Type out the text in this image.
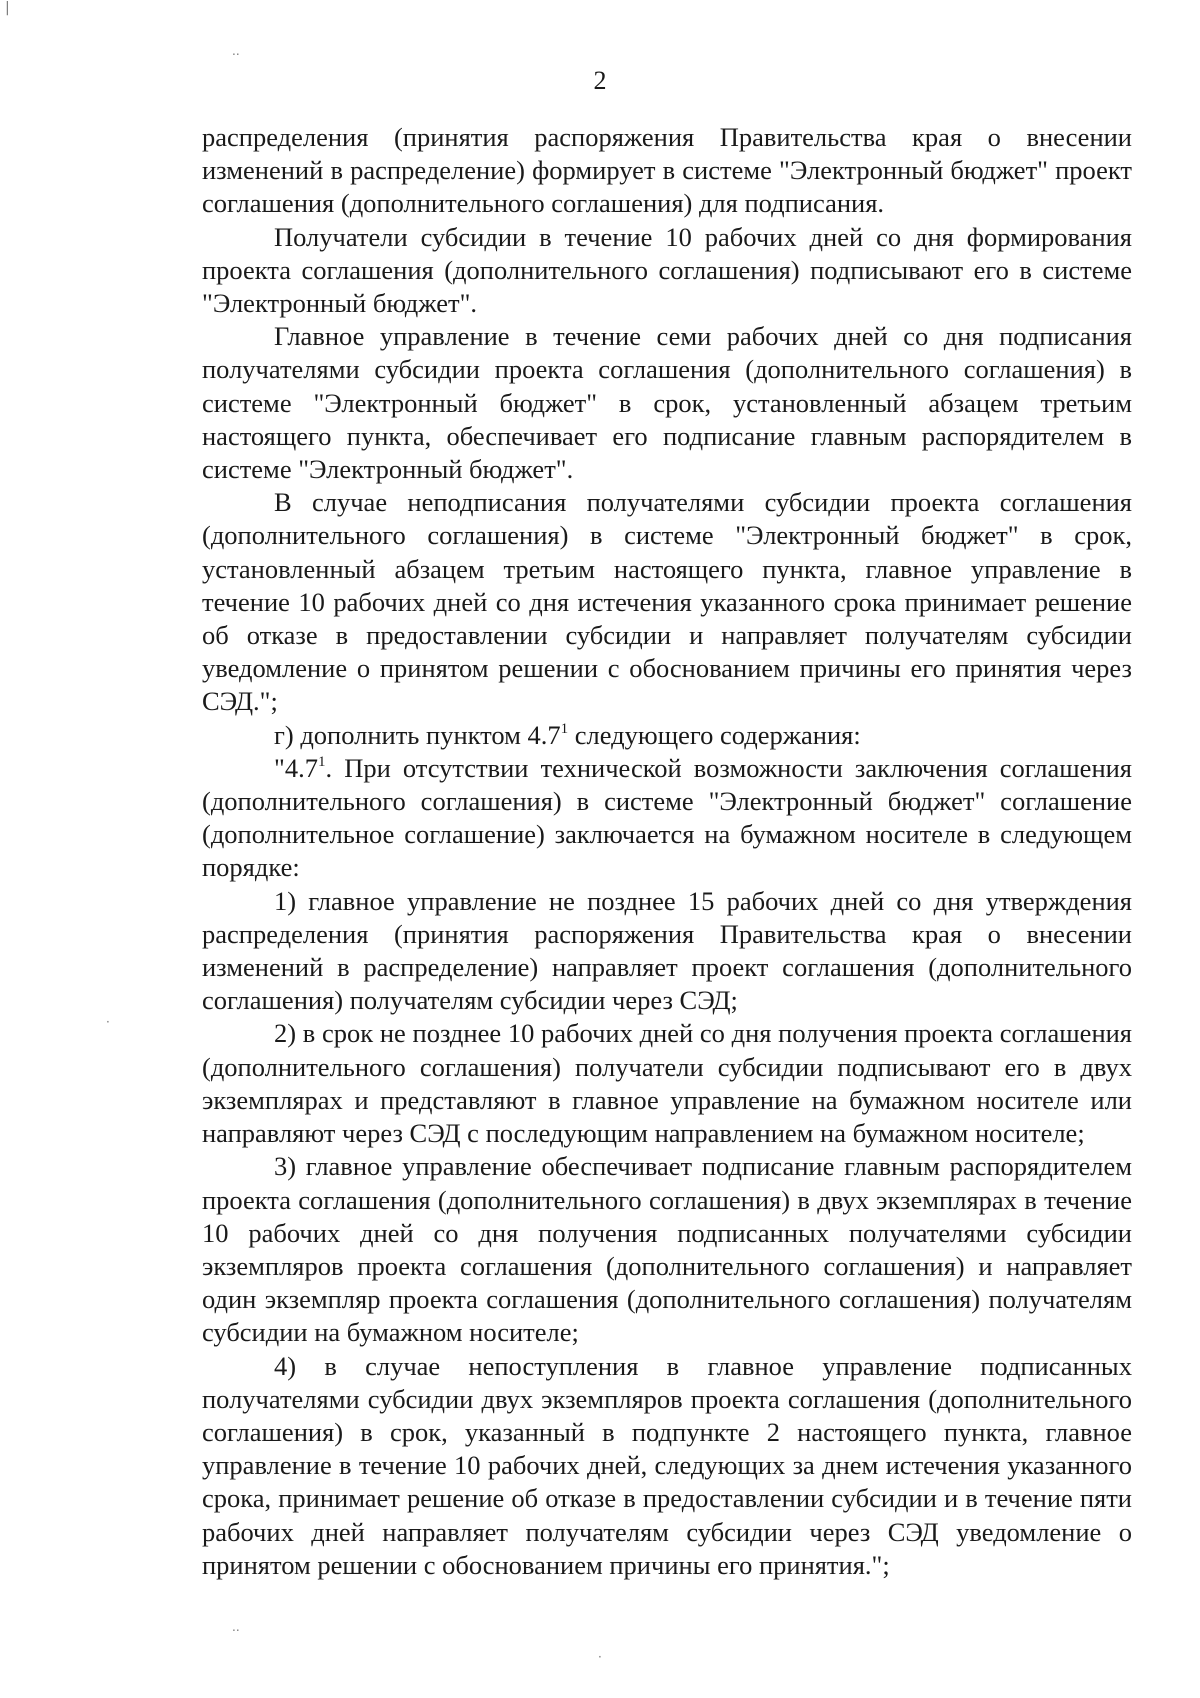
|
..
·
..
·
2

распределения (принятия распоряжения Правительства края о внесении изменений в распределение) формирует в системе "Электронный бюджет" проект соглашения (дополнительного соглашения) для подписания.

Получатели субсидии в течение 10 рабочих дней со дня формирования проекта соглашения (дополнительного соглашения) подписывают его в системе "Электронный бюджет".

Главное управление в течение семи рабочих дней со дня подписания получателями субсидии проекта соглашения (дополнительного соглашения) в системе "Электронный бюджет" в срок, установленный абзацем третьим настоящего пункта, обеспечивает его подписание главным распорядителем в системе "Электронный бюджет".

В случае неподписания получателями субсидии проекта соглашения (дополнительного соглашения) в системе "Электронный бюджет" в срок, установленный абзацем третьим настоящего пункта, главное управление в течение 10 рабочих дней со дня истечения указанного срока принимает решение об отказе в предоставлении субсидии и направляет получателям субсидии уведомление о принятом решении с обоснованием причины его принятия через СЭД.";

г) дополнить пунктом $4.7^1$ следующего содержания:

"$4.7^1$. При отсутствии технической возможности заключения соглашения (дополнительного соглашения) в системе "Электронный бюджет" соглашение (дополнительное соглашение) заключается на бумажном носителе в следующем порядке:

1) главное управление не позднее 15 рабочих дней со дня утверждения распределения (принятия распоряжения Правительства края о внесении изменений в распределение) направляет проект соглашения (дополнительного соглашения) получателям субсидии через СЭД;

2) в срок не позднее 10 рабочих дней со дня получения проекта соглашения (дополнительного соглашения) получатели субсидии подписывают его в двух экземплярах и представляют в главное управление на бумажном носителе или направляют через СЭД с последующим направлением на бумажном носителе;

3) главное управление обеспечивает подписание главным распорядителем проекта соглашения (дополнительного соглашения) в двух экземплярах в течение 10 рабочих дней со дня получения подписанных получателями субсидии экземпляров проекта соглашения (дополнительного соглашения) и направляет один экземпляр проекта соглашения (дополнительного соглашения) получателям субсидии на бумажном носителе;

4) в случае непоступления в главное управление подписанных получателями субсидии двух экземпляров проекта соглашения (дополнительного соглашения) в срок, указанный в подпункте 2 настоящего пункта, главное управление в течение 10 рабочих дней, следующих за днем истечения указанного срока, принимает решение об отказе в предоставлении субсидии и в течение пяти рабочих дней направляет получателям субсидии через СЭД уведомление о принятом решении с обоснованием причины его принятия.";
